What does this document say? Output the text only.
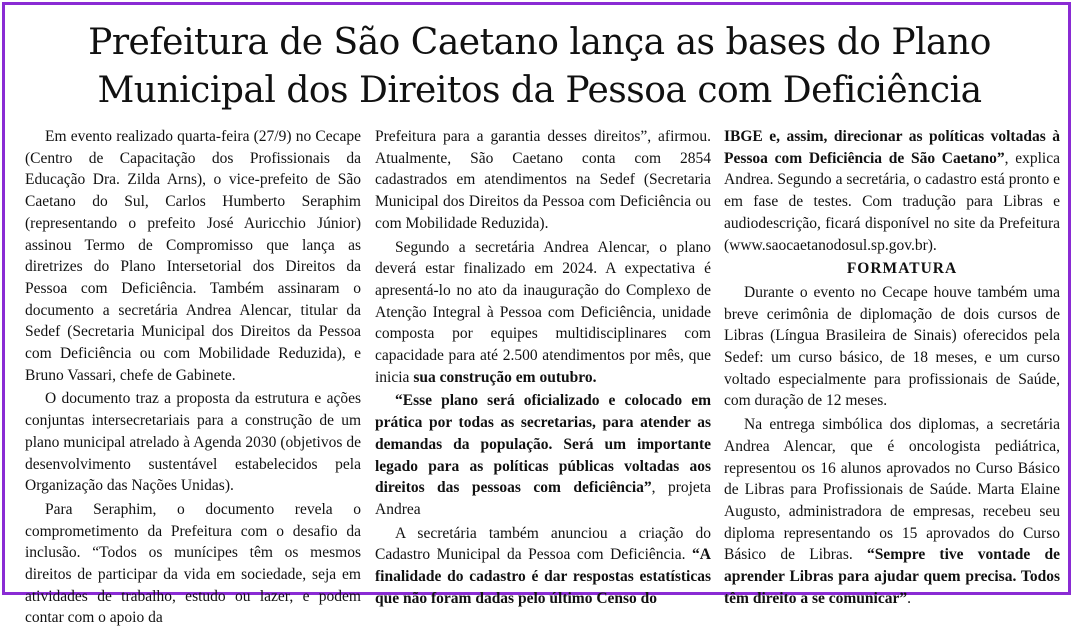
Prefeitura de São Caetano lança as bases do Plano
Municipal dos Direitos da Pessoa com Deficiência

Em evento realizado quarta-feira (27/9) no Cecape (Centro de Capacitação dos Profissionais da Educação Dra. Zilda Arns), o vice-prefeito de São Caetano do Sul, Carlos Humberto Seraphim (representando o prefeito José Auricchio Júnior) assinou Termo de Compromisso que lança as diretrizes do Plano Intersetorial dos Direitos da Pessoa com Deficiência. Também assinaram o documento a secretária Andrea Alencar, titular da Sedef (Secretaria Municipal dos Direitos da Pessoa com Deficiência ou com Mobilidade Reduzida), e Bruno Vassari, chefe de Gabinete.

O documento traz a proposta da estrutura e ações conjuntas intersecretariais para a construção de um plano municipal atrelado à Agenda 2030 (objetivos de desenvolvimento sustentável estabelecidos pela Organização das Nações Unidas).

Para Seraphim, o documento revela o comprometimento da Prefeitura com o desafio da inclusão. “Todos os munícipes têm os mesmos direitos de participar da vida em sociedade, seja em atividades de trabalho, estudo ou lazer, e podem contar com o apoio da

Prefeitura para a garantia desses direitos”, afirmou. Atualmente, São Caetano conta com 2854 cadastrados em atendimentos na Sedef (Secretaria Municipal dos Direitos da Pessoa com Deficiência ou com Mobilidade Reduzida).

Segundo a secretária Andrea Alencar, o plano deverá estar finalizado em 2024. A expectativa é apresentá-lo no ato da inauguração do Complexo de Atenção Integral à Pessoa com Deficiência, unidade composta por equipes multidisciplinares com capacidade para até 2.500 atendimentos por mês, que inicia sua construção em outubro.

“Esse plano será oficializado e colocado em prática por todas as secretarias, para atender as demandas da população. Será um importante legado para as políticas públicas voltadas aos direitos das pessoas com deficiência”, projeta Andrea

A secretária também anunciou a criação do Cadastro Municipal da Pessoa com Deficiência. “A finalidade do cadastro é dar respostas estatísticas que não foram dadas pelo último Censo do

IBGE e, assim, direcionar as políticas voltadas à Pessoa com Deficiência de São Caetano”, explica Andrea. Segundo a secretária, o cadastro está pronto e em fase de testes. Com tradução para Libras e audiodescrição, ficará disponível no site da Prefeitura (www.saocaetanodosul.sp.gov.br).

FORMATURA

Durante o evento no Cecape houve também uma breve cerimônia de diplomação de dois cursos de Libras (Língua Brasileira de Sinais) oferecidos pela Sedef: um curso básico, de 18 meses, e um curso voltado especialmente para profissionais de Saúde, com duração de 12 meses.

Na entrega simbólica dos diplomas, a secretária Andrea Alencar, que é oncologista pediátrica, representou os 16 alunos aprovados no Curso Básico de Libras para Profissionais de Saúde. Marta Elaine Augusto, administradora de empresas, recebeu seu diploma representando os 15 aprovados do Curso Básico de Libras. “Sempre tive vontade de aprender Libras para ajudar quem precisa. Todos têm direito a se comunicar”.
